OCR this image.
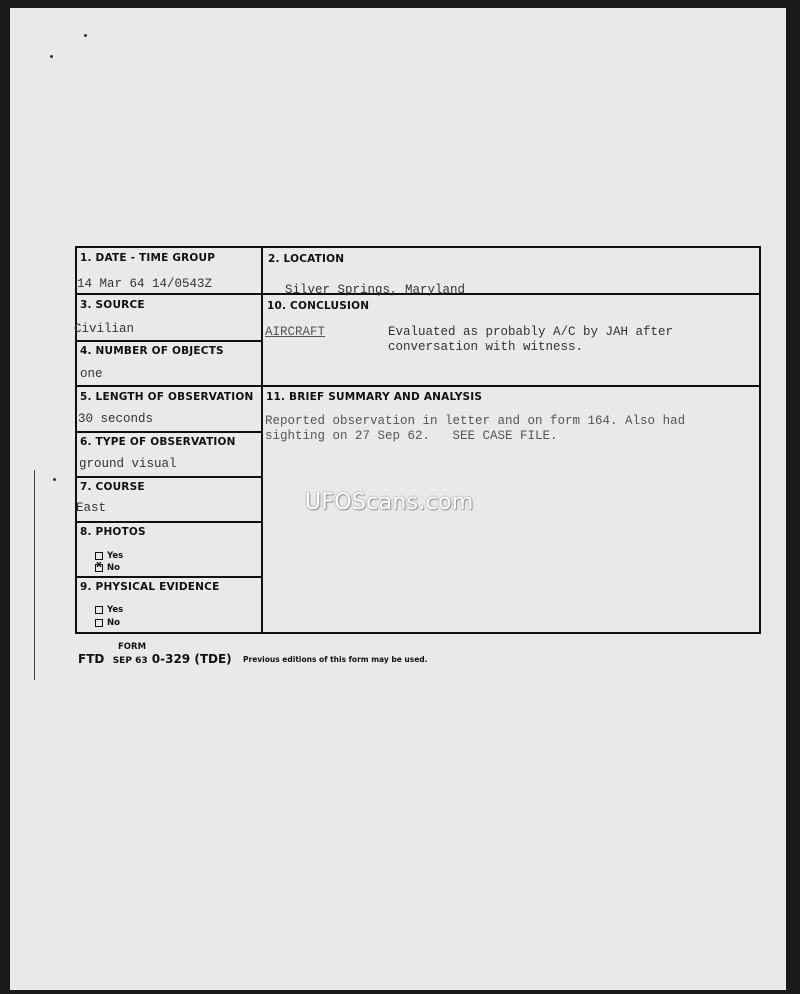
1. DATE - TIME GROUP
14 Mar 64 14/0543Z
2. LOCATION
Silver Springs, Maryland
3. SOURCE
Civilian
10. CONCLUSION
AIRCRAFT	Evaluated as probably A/C by JAH after
conversation with witness.
4. NUMBER OF OBJECTS
one
5. LENGTH OF OBSERVATION
30 seconds
11. BRIEF SUMMARY AND ANALYSIS
Reported observation in letter and on form 164. Also had
sighting on 27 Sep 62.   SEE CASE FILE.
6. TYPE OF OBSERVATION
ground visual
7. COURSE
East
8. PHOTOS
Yes
xNo
9. PHYSICAL EVIDENCE
Yes
No
UFOScans.com
FORM
FTD SEP 63 0-329 (TDE) Previous editions of this form may be used.
